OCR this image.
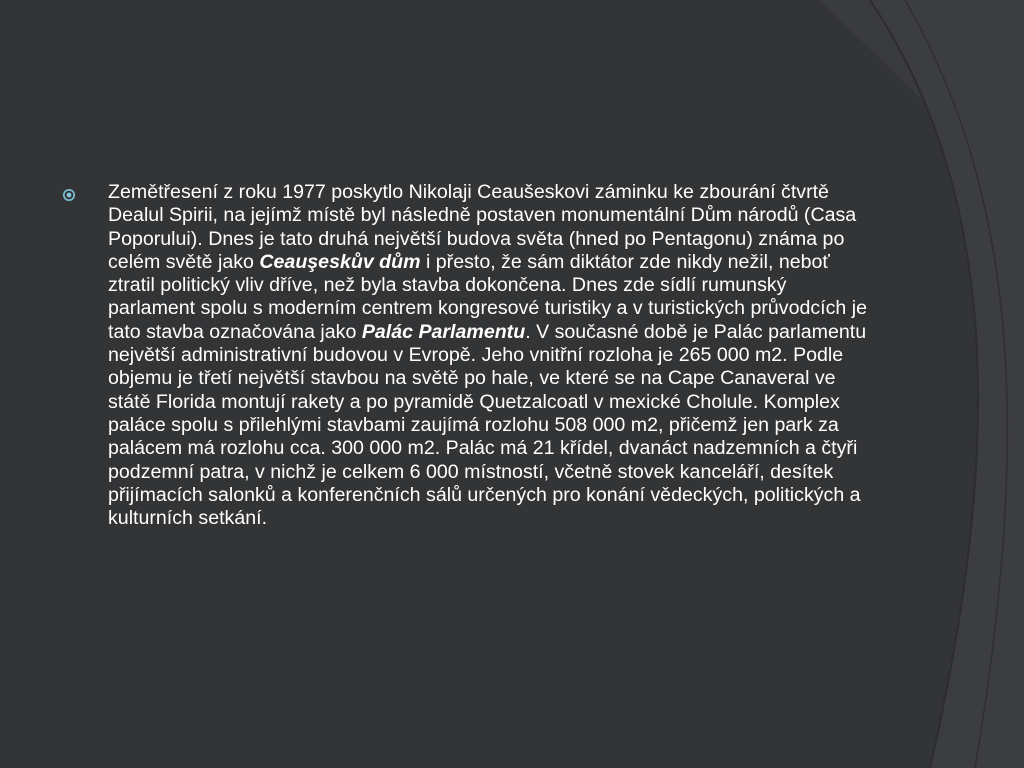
Zemětřesení z roku 1977 poskytlo Nikolaji Ceaušeskovi záminku ke zbourání čtvrtě Dealul Spirii, na jejímž místě byl následně postaven monumentální Dům národů (Casa Poporului). Dnes je tato druhá největší budova světa (hned po Pentagonu) známa po celém světě jako Ceauşeskův dům i přesto, že sám diktátor zde nikdy nežil, neboť ztratil politický vliv dříve, než byla stavba dokončena. Dnes zde sídlí rumunský parlament spolu s moderním centrem kongresové turistiky a v turistických průvodcích je tato stavba označována jako Palác Parlamentu. V současné době je Palác parlamentu největší administrativní budovou v Evropě. Jeho vnitřní rozloha je 265 000 m2. Podle objemu je třetí největší stavbou na světě po hale, ve které se na Cape Canaveral ve státě Florida montují rakety a po pyramidě Quetzalcoatl v mexické Cholule. Komplex paláce spolu s přilehlými stavbami zaujímá rozlohu 508 000 m2, přičemž jen park za palácem má rozlohu cca. 300 000 m2. Palác má 21 křídel, dvanáct nadzemních a čtyři podzemní patra, v nichž je celkem 6 000 místností, včetně stovek kanceláří, desítek přijímacích salonků a konferenčních sálů určených pro konání vědeckých, politických a kulturních setkání.
